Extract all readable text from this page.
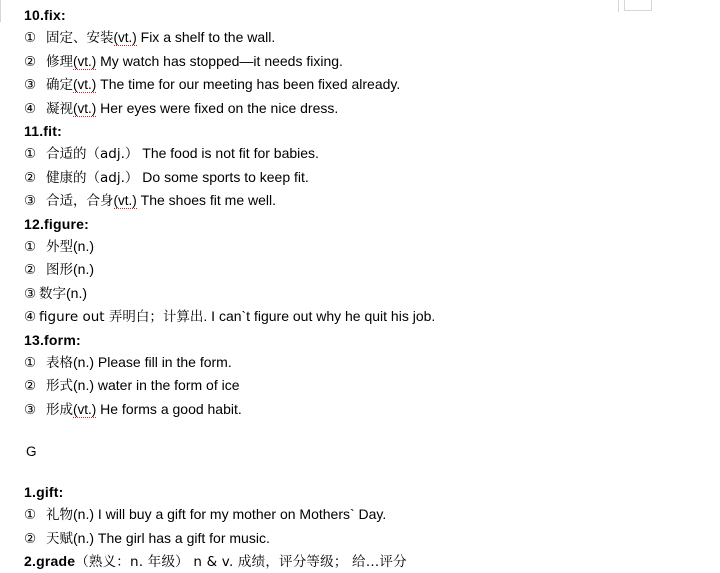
10.fix:
① 固定、安装(vt.) Fix a shelf to the wall.
② 修理(vt.) My watch has stopped—it needs fixing.
③ 确定(vt.) The time for our meeting has been fixed already.
④ 凝视(vt.) Her eyes were fixed on the nice dress.
11.fit:
① 合适的（adj.） The food is not fit for babies.
② 健康的（adj.） Do some sports to keep fit.
③ 合适，合身(vt.) The shoes fit me well.
12.figure:
① 外型(n.)
② 图形(n.)
③ 数字(n.)
④ figure out 弄明白；计算出. I can`t figure out why he quit his job.
13.form:
① 表格(n.) Please fill in the form.
② 形式(n.) water in the form of ice
③ 形成(vt.) He forms a good habit.
G
1.gift:
① 礼物(n.) I will buy a gift for my mother on Mothers` Day.
② 天赋(n.) The girl has a gift for music.
2.grade（熟义：n. 年级） n & v. 成绩，评分等级； 给…评分
